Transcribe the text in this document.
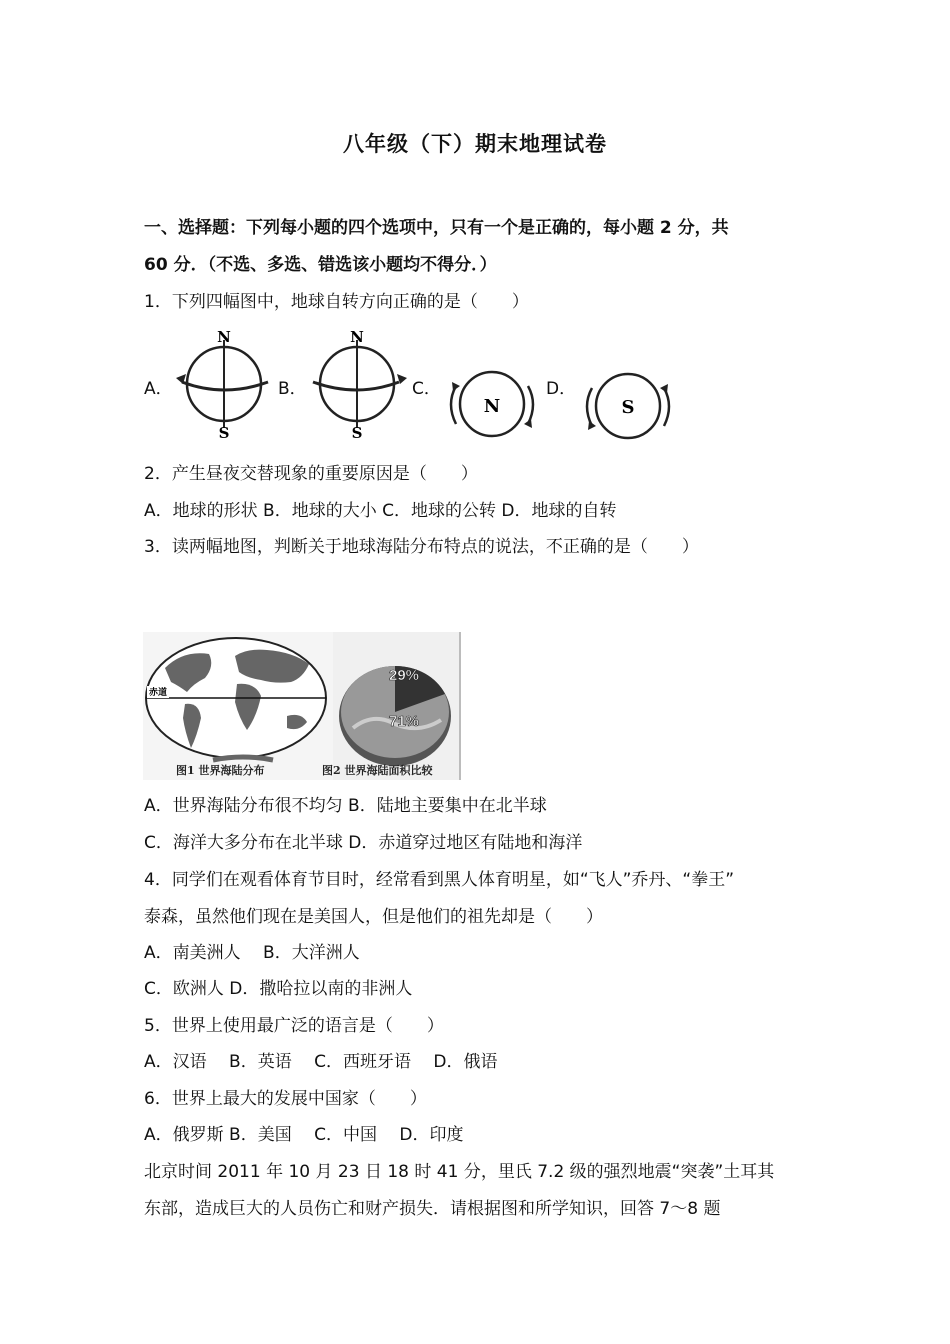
八年级（下）期末地理试卷
一、选择题：下列每小题的四个选项中，只有一个是正确的，每小题 2 分，共
60 分．（不选、多选、错选该小题均不得分．）
1．下列四幅图中，地球自转方向正确的是（　　）
A．	B．	C．	D．
N
S
N
S
N	S
2．产生昼夜交替现象的重要原因是（　　）
A．地球的形状 B．地球的大小 C．地球的公转 D．地球的自转
3．读两幅地图，判断关于地球海陆分布特点的说法，不正确的是（　　）
赤道
29%
71%
图1 世界海陆分布	图2 世界海陆面积比较
A．世界海陆分布很不均匀 B．陆地主要集中在北半球
C．海洋大多分布在北半球 D．赤道穿过地区有陆地和海洋
4．同学们在观看体育节目时，经常看到黑人体育明星，如“飞人”乔丹、“拳王”
泰森，虽然他们现在是美国人，但是他们的祖先却是（　　）
A．南美洲人　 B．大洋洲人
C．欧洲人 D．撒哈拉以南的非洲人
5．世界上使用最广泛的语言是（　　）
A．汉语　 B．英语　 C．西班牙语　 D．俄语
6．世界上最大的发展中国家（　　）
A．俄罗斯 B．美国　 C．中国　 D．印度
北京时间 2011 年 10 月 23 日 18 时 41 分，里氏 7.2 级的强烈地震“突袭”土耳其
东部，造成巨大的人员伤亡和财产损失．请根据图和所学知识，回答 7～8 题
